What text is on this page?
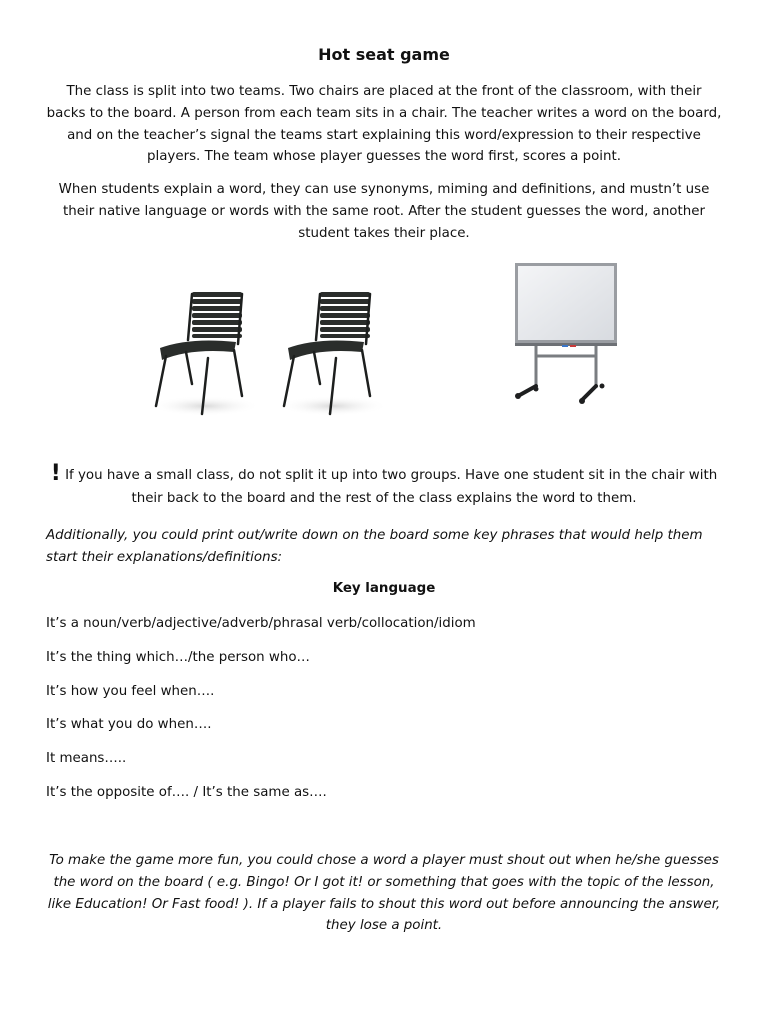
Hot seat game
The class is split into two teams. Two chairs are placed at the front of the classroom, with their backs to the board. A person from each team sits in a chair. The teacher writes a word on the board, and on the teacher’s signal the teams start explaining this word/expression to their respective players. The team whose player guesses the word first, scores a point.
When students explain a word, they can use synonyms, miming and definitions, and mustn’t use their native language or words with the same root. After the student guesses the word, another student takes their place.
! If you have a small class, do not split it up into two groups. Have one student sit in the chair with their back to the board and the rest of the class explains the word to them.
Additionally, you could print out/write down on the board some key phrases that would help them start their explanations/definitions:
Key language
It’s a noun/verb/adjective/adverb/phrasal verb/collocation/idiom
It’s the thing which…/the person who…
It’s how you feel when….
It’s what you do when….
It means…..
It’s the opposite of…. / It’s the same as….
To make the game more fun, you could chose a word a player must shout out when he/she guesses the word on the board ( e.g. Bingo! Or I got it! or something that goes with the topic of the lesson, like Education! Or Fast food! ). If a player fails to shout this word out before announcing the answer, they lose a point.
